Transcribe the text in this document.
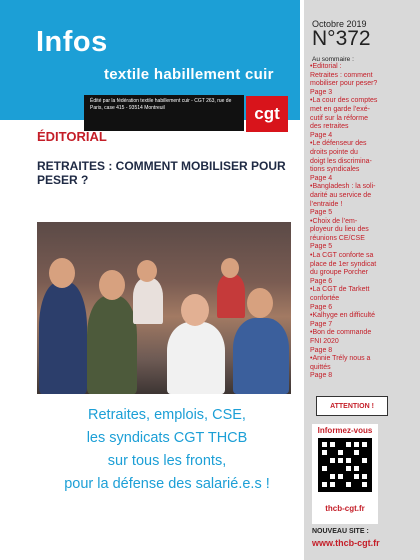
Infos
textile habillement cuir
Édité par la fédération textile habillement cuir - CGT 263, rue de Paris, case 415 - 93514 Montreuil	cgt
Octobre 2019
N°372
Au sommaire :
•Editorial :
Retraites : comment
mobiliser pour peser?
Page 3
•La cour des comptes
met en garde l’exé-
cutif sur la réforme
des retraites
Page 4
•Le défenseur des
droits pointe du
doigt les discrimina-
tions syndicales
Page 4
•Bangladesh : la soli-
darité au service de
l’entraide !
Page 5
•Choix de l’em-
ployeur du lieu des
réunions CE/CSE
Page 5
•La CGT conforte sa
place de 1er syndicat
du groupe Porcher
Page 6
•La CGT de Tarkett
confortée
Page 6
•Kalhyge en difficulté
Page 7
•Bon de commande
FNI 2020
Page 8
•Annie Trély nous a
quittés
Page 8
ATTENTION !
Informez-vous
thcb-cgt.fr
NOUVEAU SITE :
www.thcb-cgt.fr
ÉDITORIAL
RETRAITES : COMMENT MOBILISER POUR PESER ?
Retraites, emplois, CSE,
les syndicats CGT THCB
sur tous les fronts,
pour la défense des salarié.e.s !
